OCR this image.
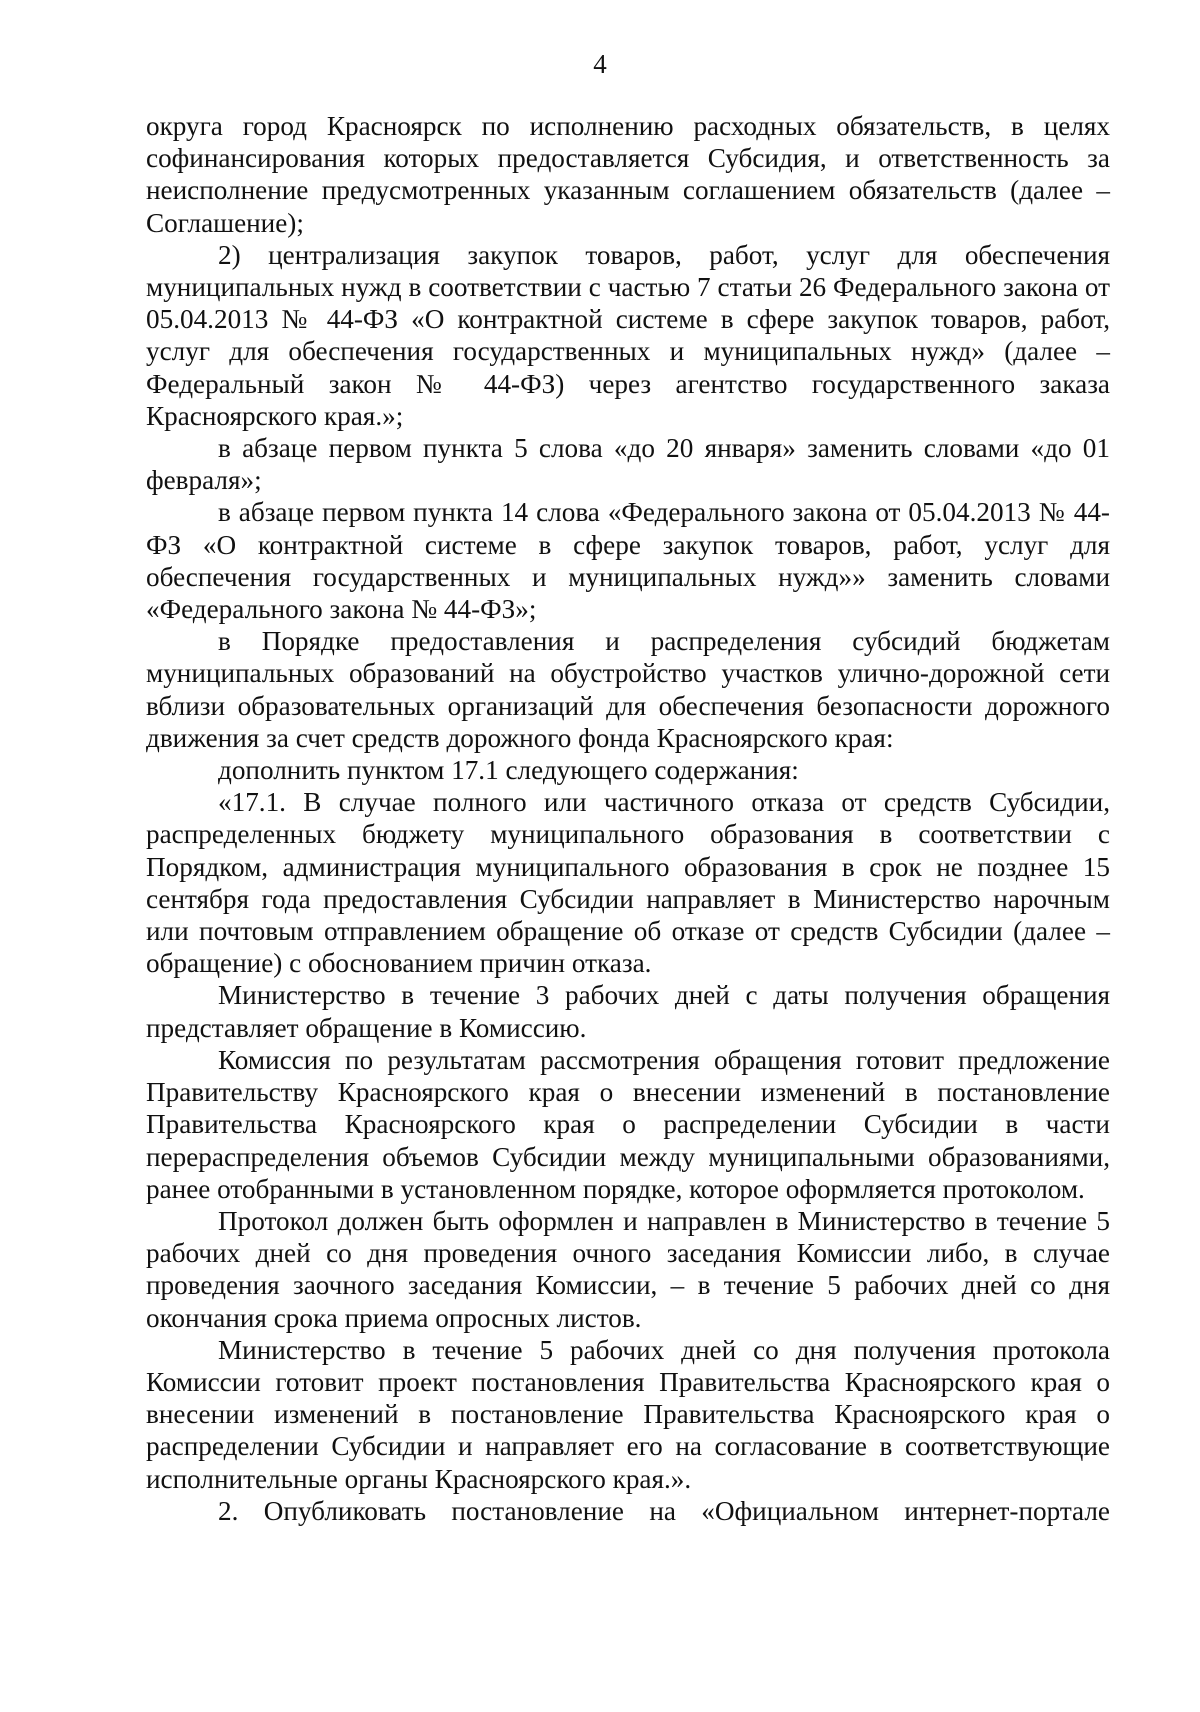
4

округа город Красноярск по исполнению расходных обязательств, в целях софинансирования которых предоставляется Субсидия, и ответственность за неисполнение предусмотренных указанным соглашением обязательств (далее – Соглашение);

2) централизация закупок товаров, работ, услуг для обеспечения муниципальных нужд в соответствии с частью 7 статьи 26 Федерального закона от 05.04.2013 № 44-ФЗ «О контрактной системе в сфере закупок товаров, работ, услуг для обеспечения государственных и муниципальных нужд» (далее – Федеральный закон № 44-ФЗ) через агентство государственного заказа Красноярского края.»;

в абзаце первом пункта 5 слова «до 20 января» заменить словами «до 01 февраля»;

в абзаце первом пункта 14 слова «Федерального закона от 05.04.2013 № 44-ФЗ «О контрактной системе в сфере закупок товаров, работ, услуг для обеспечения государственных и муниципальных нужд»» заменить словами «Федерального закона № 44-ФЗ»;

в Порядке предоставления и распределения субсидий бюджетам муниципальных образований на обустройство участков улично-дорожной сети вблизи образовательных организаций для обеспечения безопасности дорожного движения за счет средств дорожного фонда Красноярского края:

дополнить пунктом 17.1 следующего содержания:

«17.1. В случае полного или частичного отказа от средств Субсидии, распределенных бюджету муниципального образования в соответствии с Порядком, администрация муниципального образования в срок не позднее 15 сентября года предоставления Субсидии направляет в Министерство нарочным или почтовым отправлением обращение об отказе от средств Субсидии (далее – обращение) с обоснованием причин отказа.

Министерство в течение 3 рабочих дней с даты получения обращения представляет обращение в Комиссию.

Комиссия по результатам рассмотрения обращения готовит предложение Правительству Красноярского края о внесении изменений в постановление Правительства Красноярского края о распределении Субсидии в части перераспределения объемов Субсидии между муниципальными образованиями, ранее отобранными в установленном порядке, которое оформляется протоколом.

Протокол должен быть оформлен и направлен в Министерство в течение 5 рабочих дней со дня проведения очного заседания Комиссии либо, в случае проведения заочного заседания Комиссии, – в течение 5 рабочих дней со дня окончания срока приема опросных листов.

Министерство в течение 5 рабочих дней со дня получения протокола Комиссии готовит проект постановления Правительства Красноярского края о внесении изменений в постановление Правительства Красноярского края о распределении Субсидии и направляет его на согласование в соответствующие исполнительные органы Красноярского края.».

2. Опубликовать постановление на «Официальном интернет-портале
